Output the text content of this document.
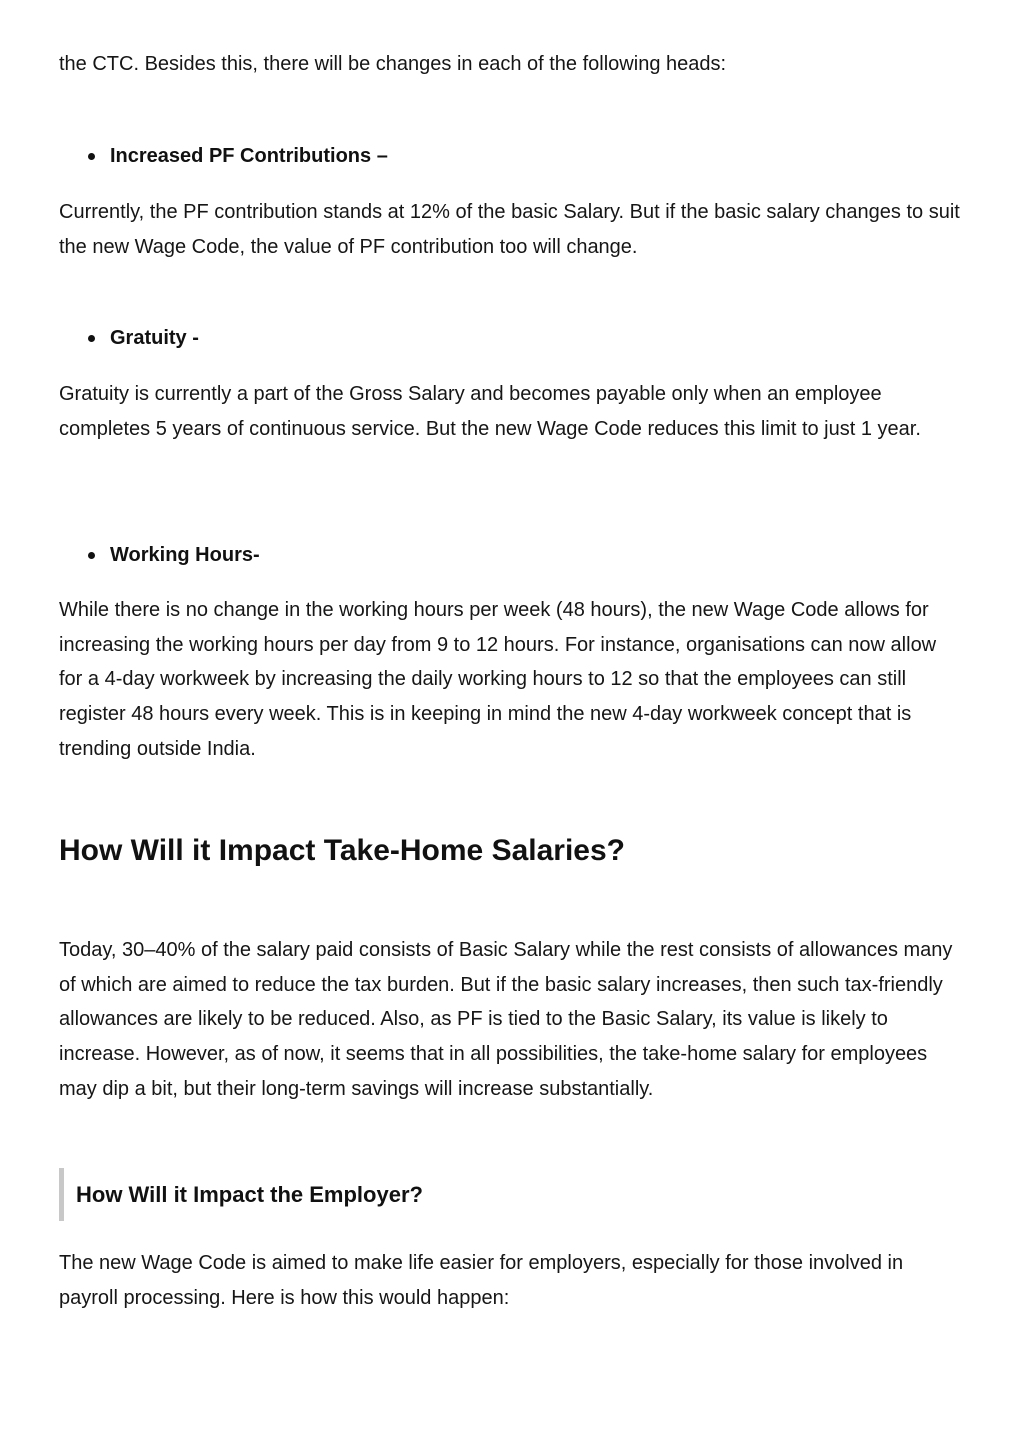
the CTC. Besides this, there will be changes in each of the following heads:

Increased PF Contributions –

Currently, the PF contribution stands at 12% of the basic Salary. But if the basic salary changes to suit the new Wage Code, the value of PF contribution too will change.

Gratuity -

Gratuity is currently a part of the Gross Salary and becomes payable only when an employee completes 5 years of continuous service. But the new Wage Code reduces this limit to just 1 year.

Working Hours-

While there is no change in the working hours per week (48 hours), the new Wage Code allows for increasing the working hours per day from 9 to 12 hours. For instance, organisations can now allow for a 4-day workweek by increasing the daily working hours to 12 so that the employees can still register 48 hours every week. This is in keeping in mind the new 4-day workweek concept that is trending outside India.

How Will it Impact Take-Home Salaries?

Today, 30–40% of the salary paid consists of Basic Salary while the rest consists of allowances many of which are aimed to reduce the tax burden. But if the basic salary increases, then such tax-friendly allowances are likely to be reduced. Also, as PF is tied to the Basic Salary, its value is likely to increase. However, as of now, it seems that in all possibilities, the take-home salary for employees may dip a bit, but their long-term savings will increase substantially.

How Will it Impact the Employer?

The new Wage Code is aimed to make life easier for employers, especially for those involved in payroll processing. Here is how this would happen:
